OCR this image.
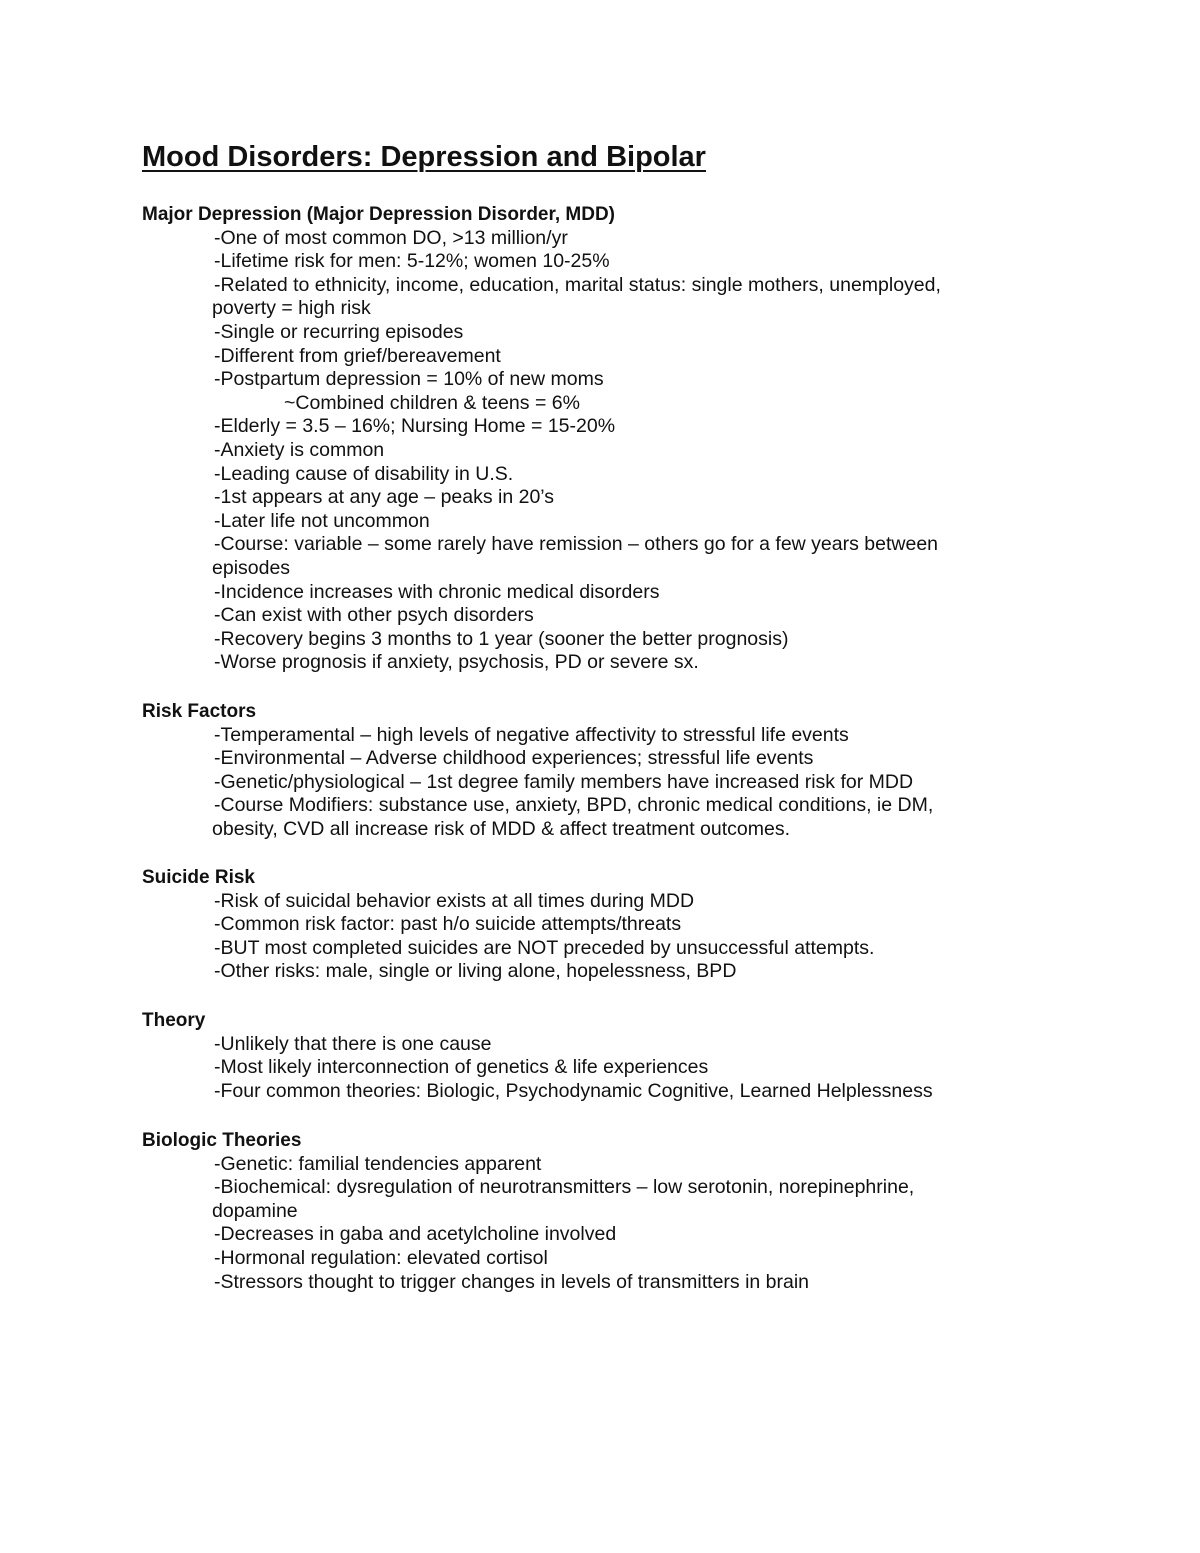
Mood Disorders: Depression and Bipolar
Major Depression (Major Depression Disorder, MDD)
-One of most common DO, >13 million/yr
-Lifetime risk for men: 5-12%; women 10-25%
-Related to ethnicity, income, education, marital status: single mothers, unemployed,
poverty = high risk
-Single or recurring episodes
-Different from grief/bereavement
-Postpartum depression = 10% of new moms
~Combined children & teens = 6%
-Elderly = 3.5 – 16%; Nursing Home = 15-20%
-Anxiety is common
-Leading cause of disability in U.S.
-1st appears at any age – peaks in 20’s
-Later life not uncommon
-Course: variable – some rarely have remission – others go for a few years between
episodes
-Incidence increases with chronic medical disorders
-Can exist with other psych disorders
-Recovery begins 3 months to 1 year (sooner the better prognosis)
-Worse prognosis if anxiety, psychosis, PD or severe sx.
Risk Factors
-Temperamental – high levels of negative affectivity to stressful life events
-Environmental – Adverse childhood experiences; stressful life events
-Genetic/physiological – 1st degree family members have increased risk for MDD
-Course Modifiers: substance use, anxiety, BPD, chronic medical conditions, ie DM,
obesity, CVD all increase risk of MDD & affect treatment outcomes.
Suicide Risk
-Risk of suicidal behavior exists at all times during MDD
-Common risk factor: past h/o suicide attempts/threats
-BUT most completed suicides are NOT preceded by unsuccessful attempts.
-Other risks: male, single or living alone, hopelessness, BPD
Theory
-Unlikely that there is one cause
-Most likely interconnection of genetics & life experiences
-Four common theories: Biologic, Psychodynamic Cognitive, Learned Helplessness
Biologic Theories
-Genetic: familial tendencies apparent
-Biochemical: dysregulation of neurotransmitters – low serotonin, norepinephrine,
dopamine
-Decreases in gaba and acetylcholine involved
-Hormonal regulation: elevated cortisol
-Stressors thought to trigger changes in levels of transmitters in brain
